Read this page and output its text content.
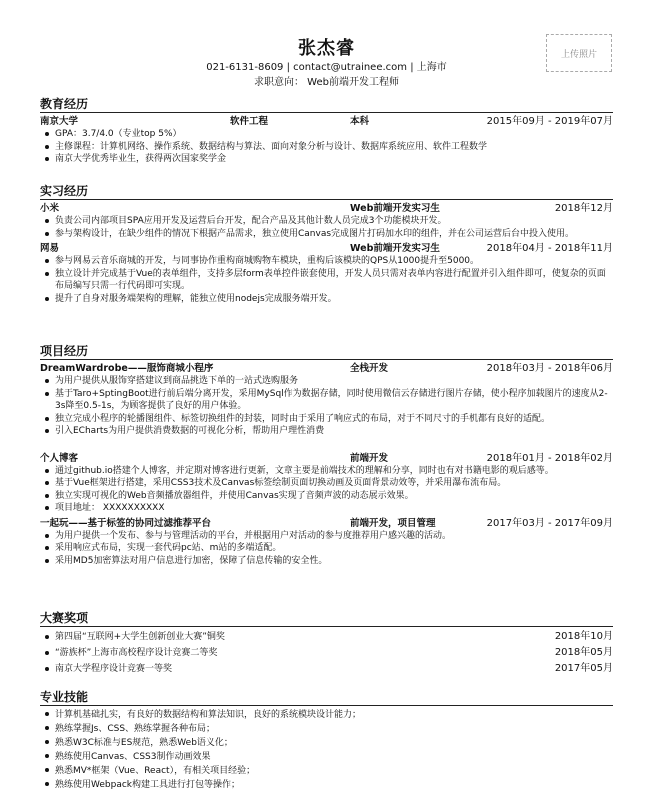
张杰睿
021-6131-8609 | contact@utrainee.com | 上海市
求职意向： Web前端开发工程师
上传照片
教育经历
南京大学	软件工程	本科	2015年09月 - 2019年07月
GPA：3.7/4.0（专业top 5%）
主修课程：计算机网络、操作系统、数据结构与算法、面向对象分析与设计、数据库系统应用、软件工程数学
南京大学优秀毕业生，获得两次国家奖学金
实习经历
小米	Web前端开发实习生	2018年12月
负责公司内部项目SPA应用开发及运营后台开发，配合产品及其他计数人员完成3个功能模块开发。
参与架构设计，在缺少组件的情况下根据产品需求，独立使用Canvas完成图片打码加水印的组件，并在公司运营后台中投入使用。
网易	Web前端开发实习生	2018年04月 - 2018年11月
参与网易云音乐商城的开发，与同事协作重构商城购物车模块，重构后该模块的QPS从1000提升至5000。
独立设计并完成基于Vue的表单组件，支持多层form表单控件嵌套使用，开发人员只需对表单内容进行配置并引入组件即可，使复杂的页面布局编写只需一行代码即可实现。
提升了自身对服务端架构的理解，能独立使用nodejs完成服务端开发。
项目经历
DreamWardrobe——服饰商城小程序	全栈开发	2018年03月 - 2018年06月
为用户提供从服饰穿搭建议到商品挑选下单的一站式选购服务
基于Taro+SptingBoot进行前后端分离开发，采用MySql作为数据存储，同时使用微信云存储进行图片存储，使小程序加载图片的速度从2-3s降至0.5-1s，为顾客提供了良好的用户体验。
独立完成小程序的轮播图组件、标签切换组件的封装，同时由于采用了响应式的布局，对于不同尺寸的手机都有良好的适配。
引入ECharts为用户提供消费数据的可视化分析，帮助用户理性消费
个人博客	前端开发	2018年01月 - 2018年02月
通过github.io搭建个人博客，并定期对博客进行更新，文章主要是前端技术的理解和分享，同时也有对书籍电影的观后感等。
基于Vue框架进行搭建，采用CSS3技术及Canvas标签绘制页面切换动画及页面背景动效等，并采用瀑布流布局。
独立实现可视化的Web音频播放器组件，并使用Canvas实现了音频声波的动态展示效果。
项目地址： XXXXXXXXXX
一起玩——基于标签的协同过滤推荐平台	前端开发，项目管理	2017年03月 - 2017年09月
为用户提供一个发布、参与与管理活动的平台，并根据用户对活动的参与度推荐用户感兴趣的活动。
采用响应式布局，实现一套代码pc站、m站的多端适配。
采用MD5加密算法对用户信息进行加密，保障了信息传输的安全性。
大赛奖项
第四届“互联网+大学生创新创业大赛”铜奖	2018年10月
“游族杯”上海市高校程序设计竞赛二等奖	2018年05月
南京大学程序设计竞赛一等奖	2017年05月
专业技能
计算机基础扎实，有良好的数据结构和算法知识，良好的系统模块设计能力；
熟练掌握Js、CSS、熟练掌握各种布局；
熟悉W3C标准与ES规范，熟悉Web语义化；
熟练使用Canvas、CSS3制作动画效果
熟悉MV*框架（Vue、React），有相关项目经验；
熟练使用Webpack构建工具进行打包等操作；
